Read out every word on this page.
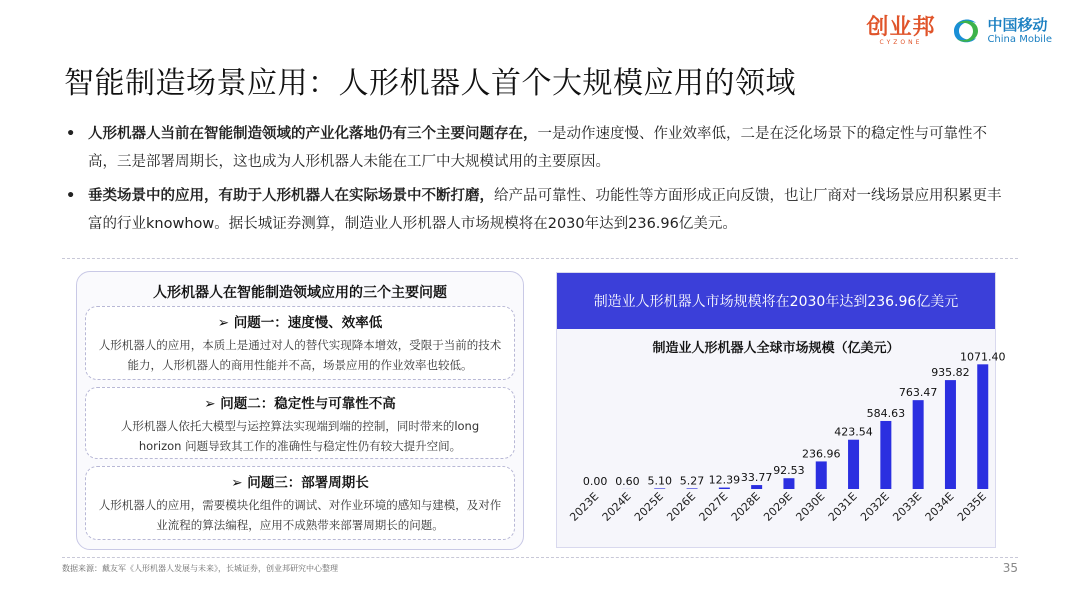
创业邦
CYZONE
中国移动
China Mobile
智能制造场景应用：人形机器人首个大规模应用的领域
• 人形机器人当前在智能制造领域的产业化落地仍有三个主要问题存在，一是动作速度慢、作业效率低，二是在泛化场景下的稳定性与可靠性不高，三是部署周期长，这也成为人形机器人未能在工厂中大规模试用的主要原因。
• 垂类场景中的应用，有助于人形机器人在实际场景中不断打磨，给产品可靠性、功能性等方面形成正向反馈，也让厂商对一线场景应用积累更丰富的行业knowhow。据长城证券测算，制造业人形机器人市场规模将在2030年达到236.96亿美元。
人形机器人在智能制造领域应用的三个主要问题
➢ 问题一：速度慢、效率低
人形机器人的应用，本质上是通过对人的替代实现降本增效，受限于当前的技术能力，人形机器人的商用性能并不高，场景应用的作业效率也较低。
➢ 问题二：稳定性与可靠性不高
人形机器人依托大模型与运控算法实现端到端的控制，同时带来的long horizon 问题导致其工作的准确性与稳定性仍有较大提升空间。
➢ 问题三：部署周期长
人形机器人的应用，需要模块化组件的调试、对作业环境的感知与建模，及对作业流程的算法编程，应用不成熟带来部署周期长的问题。
制造业人形机器人市场规模将在2030年达到236.96亿美元
制造业人形机器人全球市场规模（亿美元）
0.00
2023E
0.60
2024E
5.10
2025E
5.27
2026E
12.39
2027E
33.77
2028E
92.53
2029E
236.96
2030E
423.54
2031E
584.63
2032E
763.47
2033E
935.82
2034E
1071.40
2035E
数据来源：戴友军《人形机器人发展与未来》，长城证券，创业邦研究中心整理	35
